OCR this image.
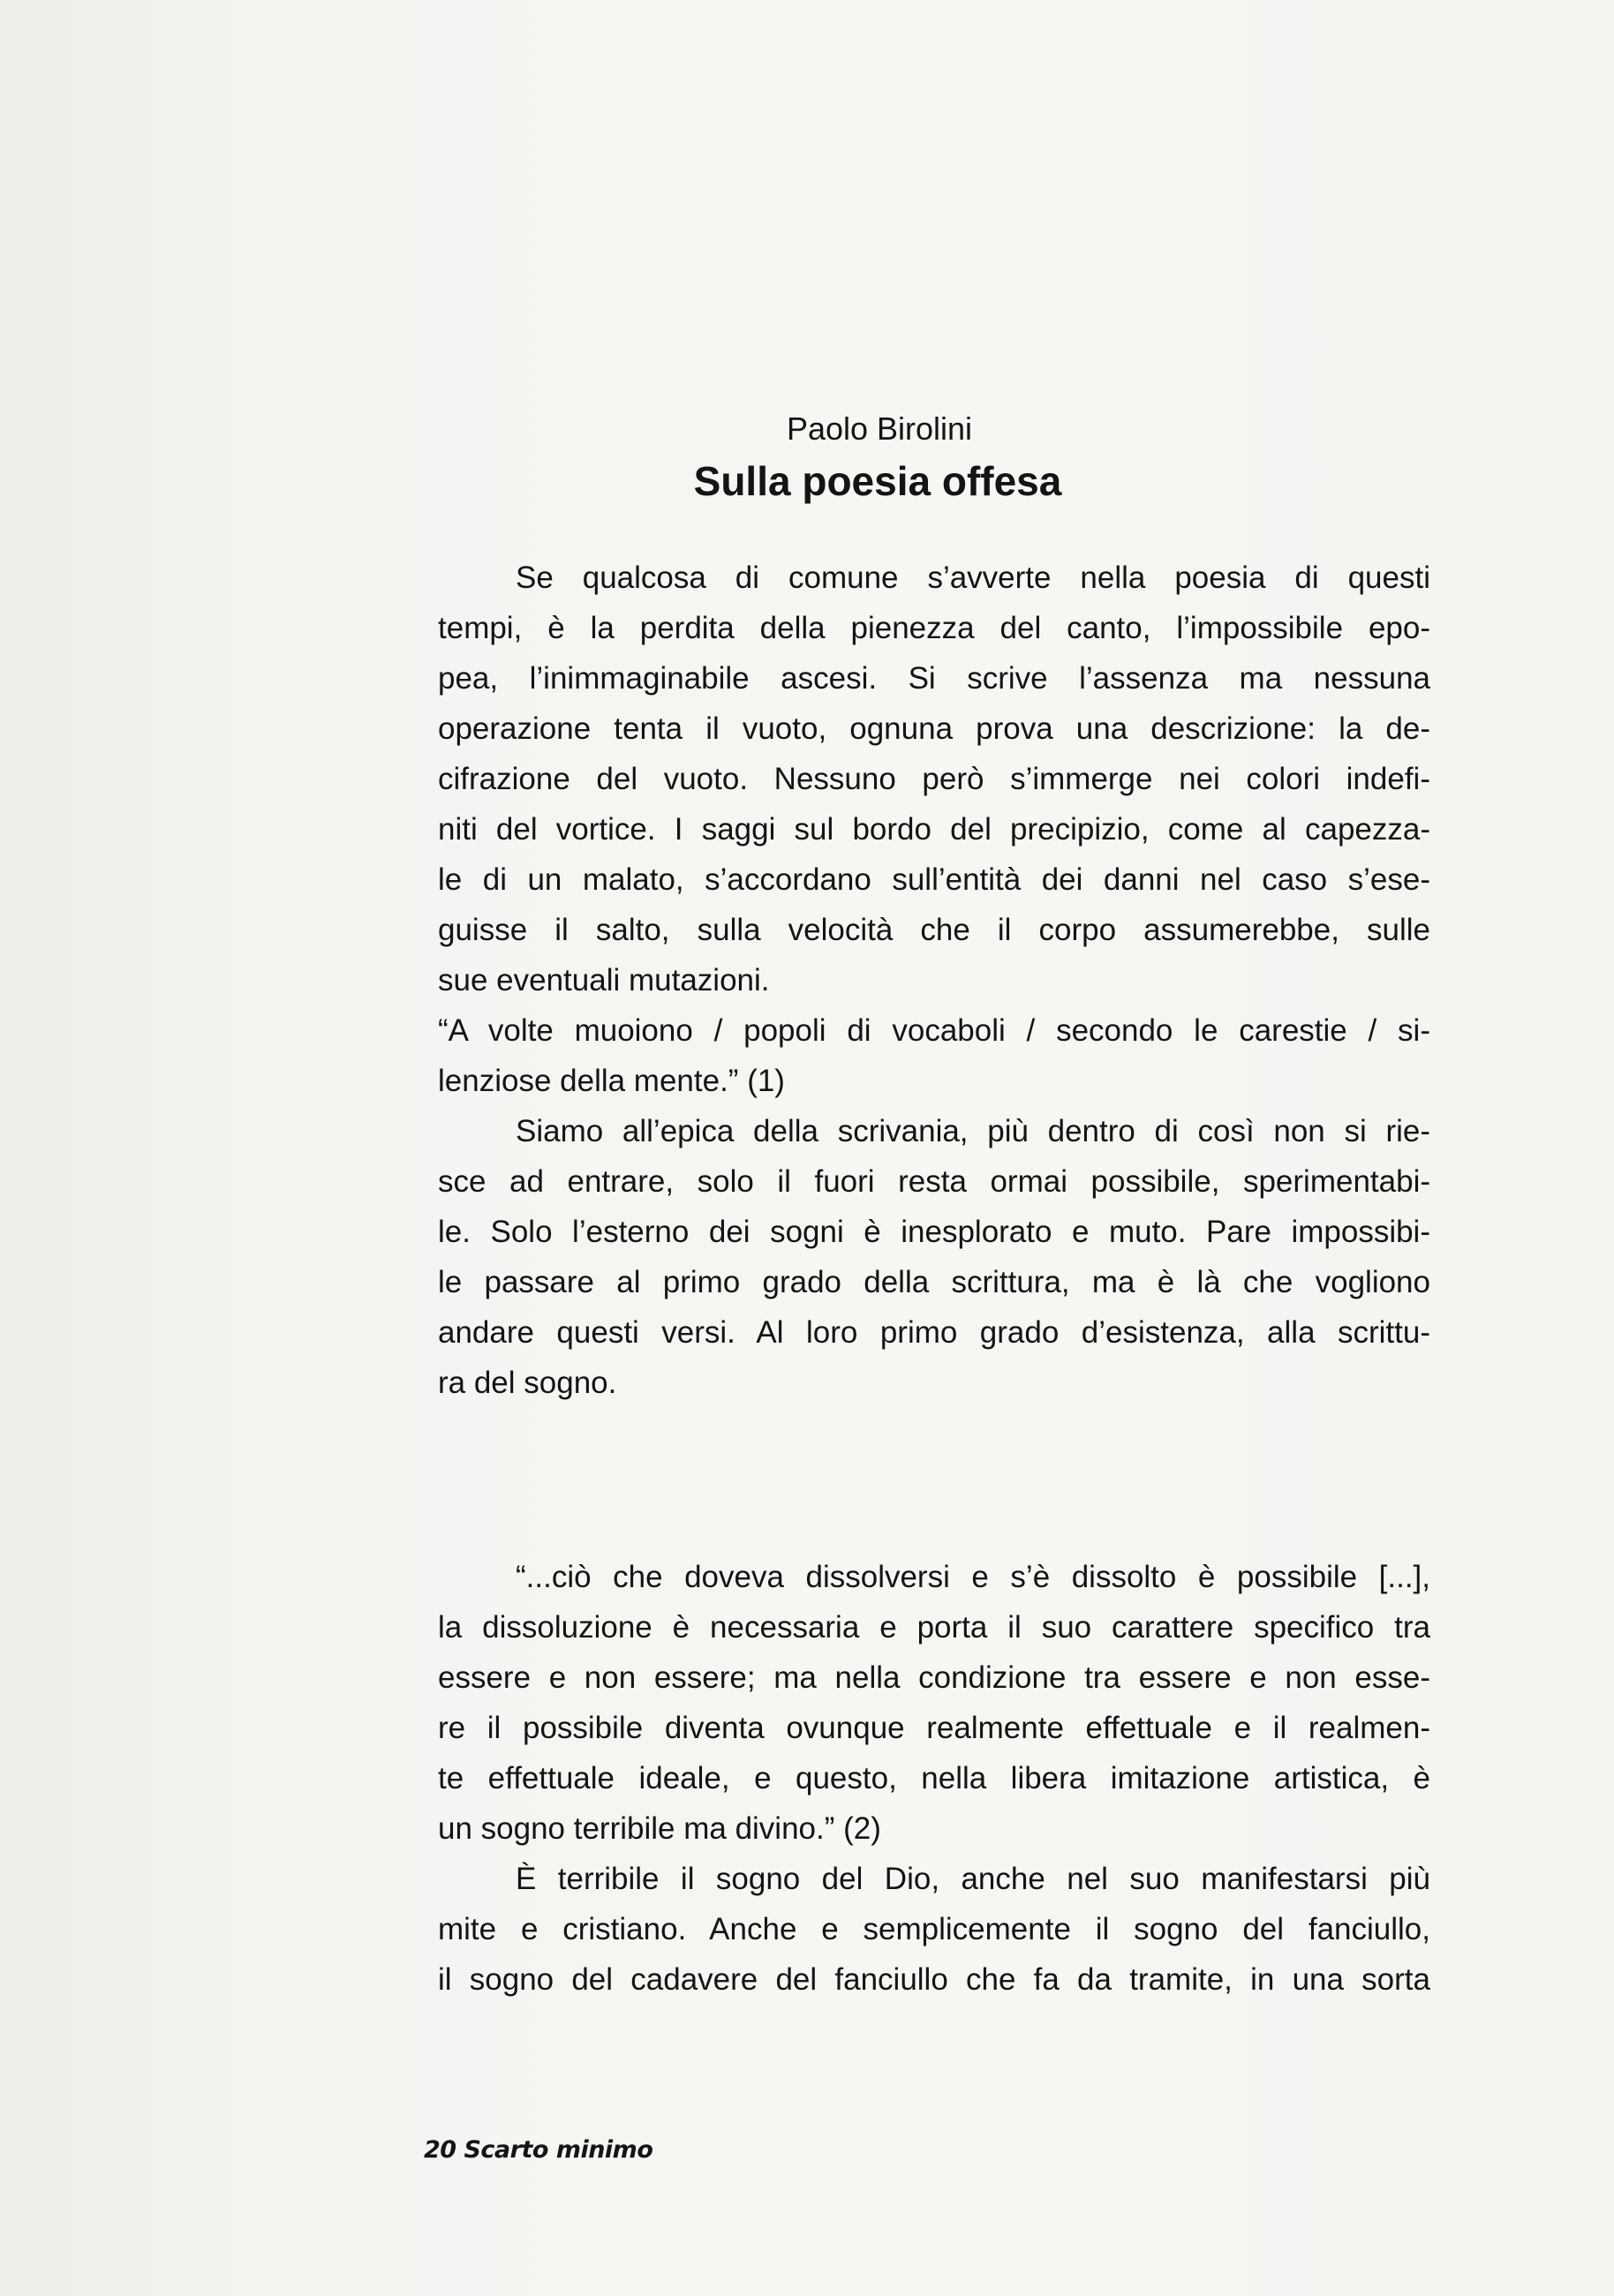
Paolo Birolini
Sulla poesia offesa
Se qualcosa di comune s’avverte nella poesia di questi
tempi, è la perdita della pienezza del canto, l’impossibile epo-
pea, l’inimmaginabile ascesi. Si scrive l’assenza ma nessuna
operazione tenta il vuoto, ognuna prova una descrizione: la de-
cifrazione del vuoto. Nessuno però s’immerge nei colori indefi-
niti del vortice. I saggi sul bordo del precipizio, come al capezza-
le di un malato, s’accordano sull’entità dei danni nel caso s’ese-
guisse il salto, sulla velocità che il corpo assumerebbe, sulle
sue eventuali mutazioni.
“A volte muoiono / popoli di vocaboli / secondo le carestie / si-
lenziose della mente.” (1)
Siamo all’epica della scrivania, più dentro di così non si rie-
sce ad entrare, solo il fuori resta ormai possibile, sperimentabi-
le. Solo l’esterno dei sogni è inesplorato e muto. Pare impossibi-
le passare al primo grado della scrittura, ma è là che vogliono
andare questi versi. Al loro primo grado d’esistenza, alla scrittu-
ra del sogno.
“...ciò che doveva dissolversi e s’è dissolto è possibile [...],
la dissoluzione è necessaria e porta il suo carattere specifico tra
essere e non essere; ma nella condizione tra essere e non esse-
re il possibile diventa ovunque realmente effettuale e il realmen-
te effettuale ideale, e questo, nella libera imitazione artistica, è
un sogno terribile ma divino.” (2)
È terribile il sogno del Dio, anche nel suo manifestarsi più
mite e cristiano. Anche e semplicemente il sogno del fanciullo,
il sogno del cadavere del fanciullo che fa da tramite, in una sorta
20 Scarto minimo
